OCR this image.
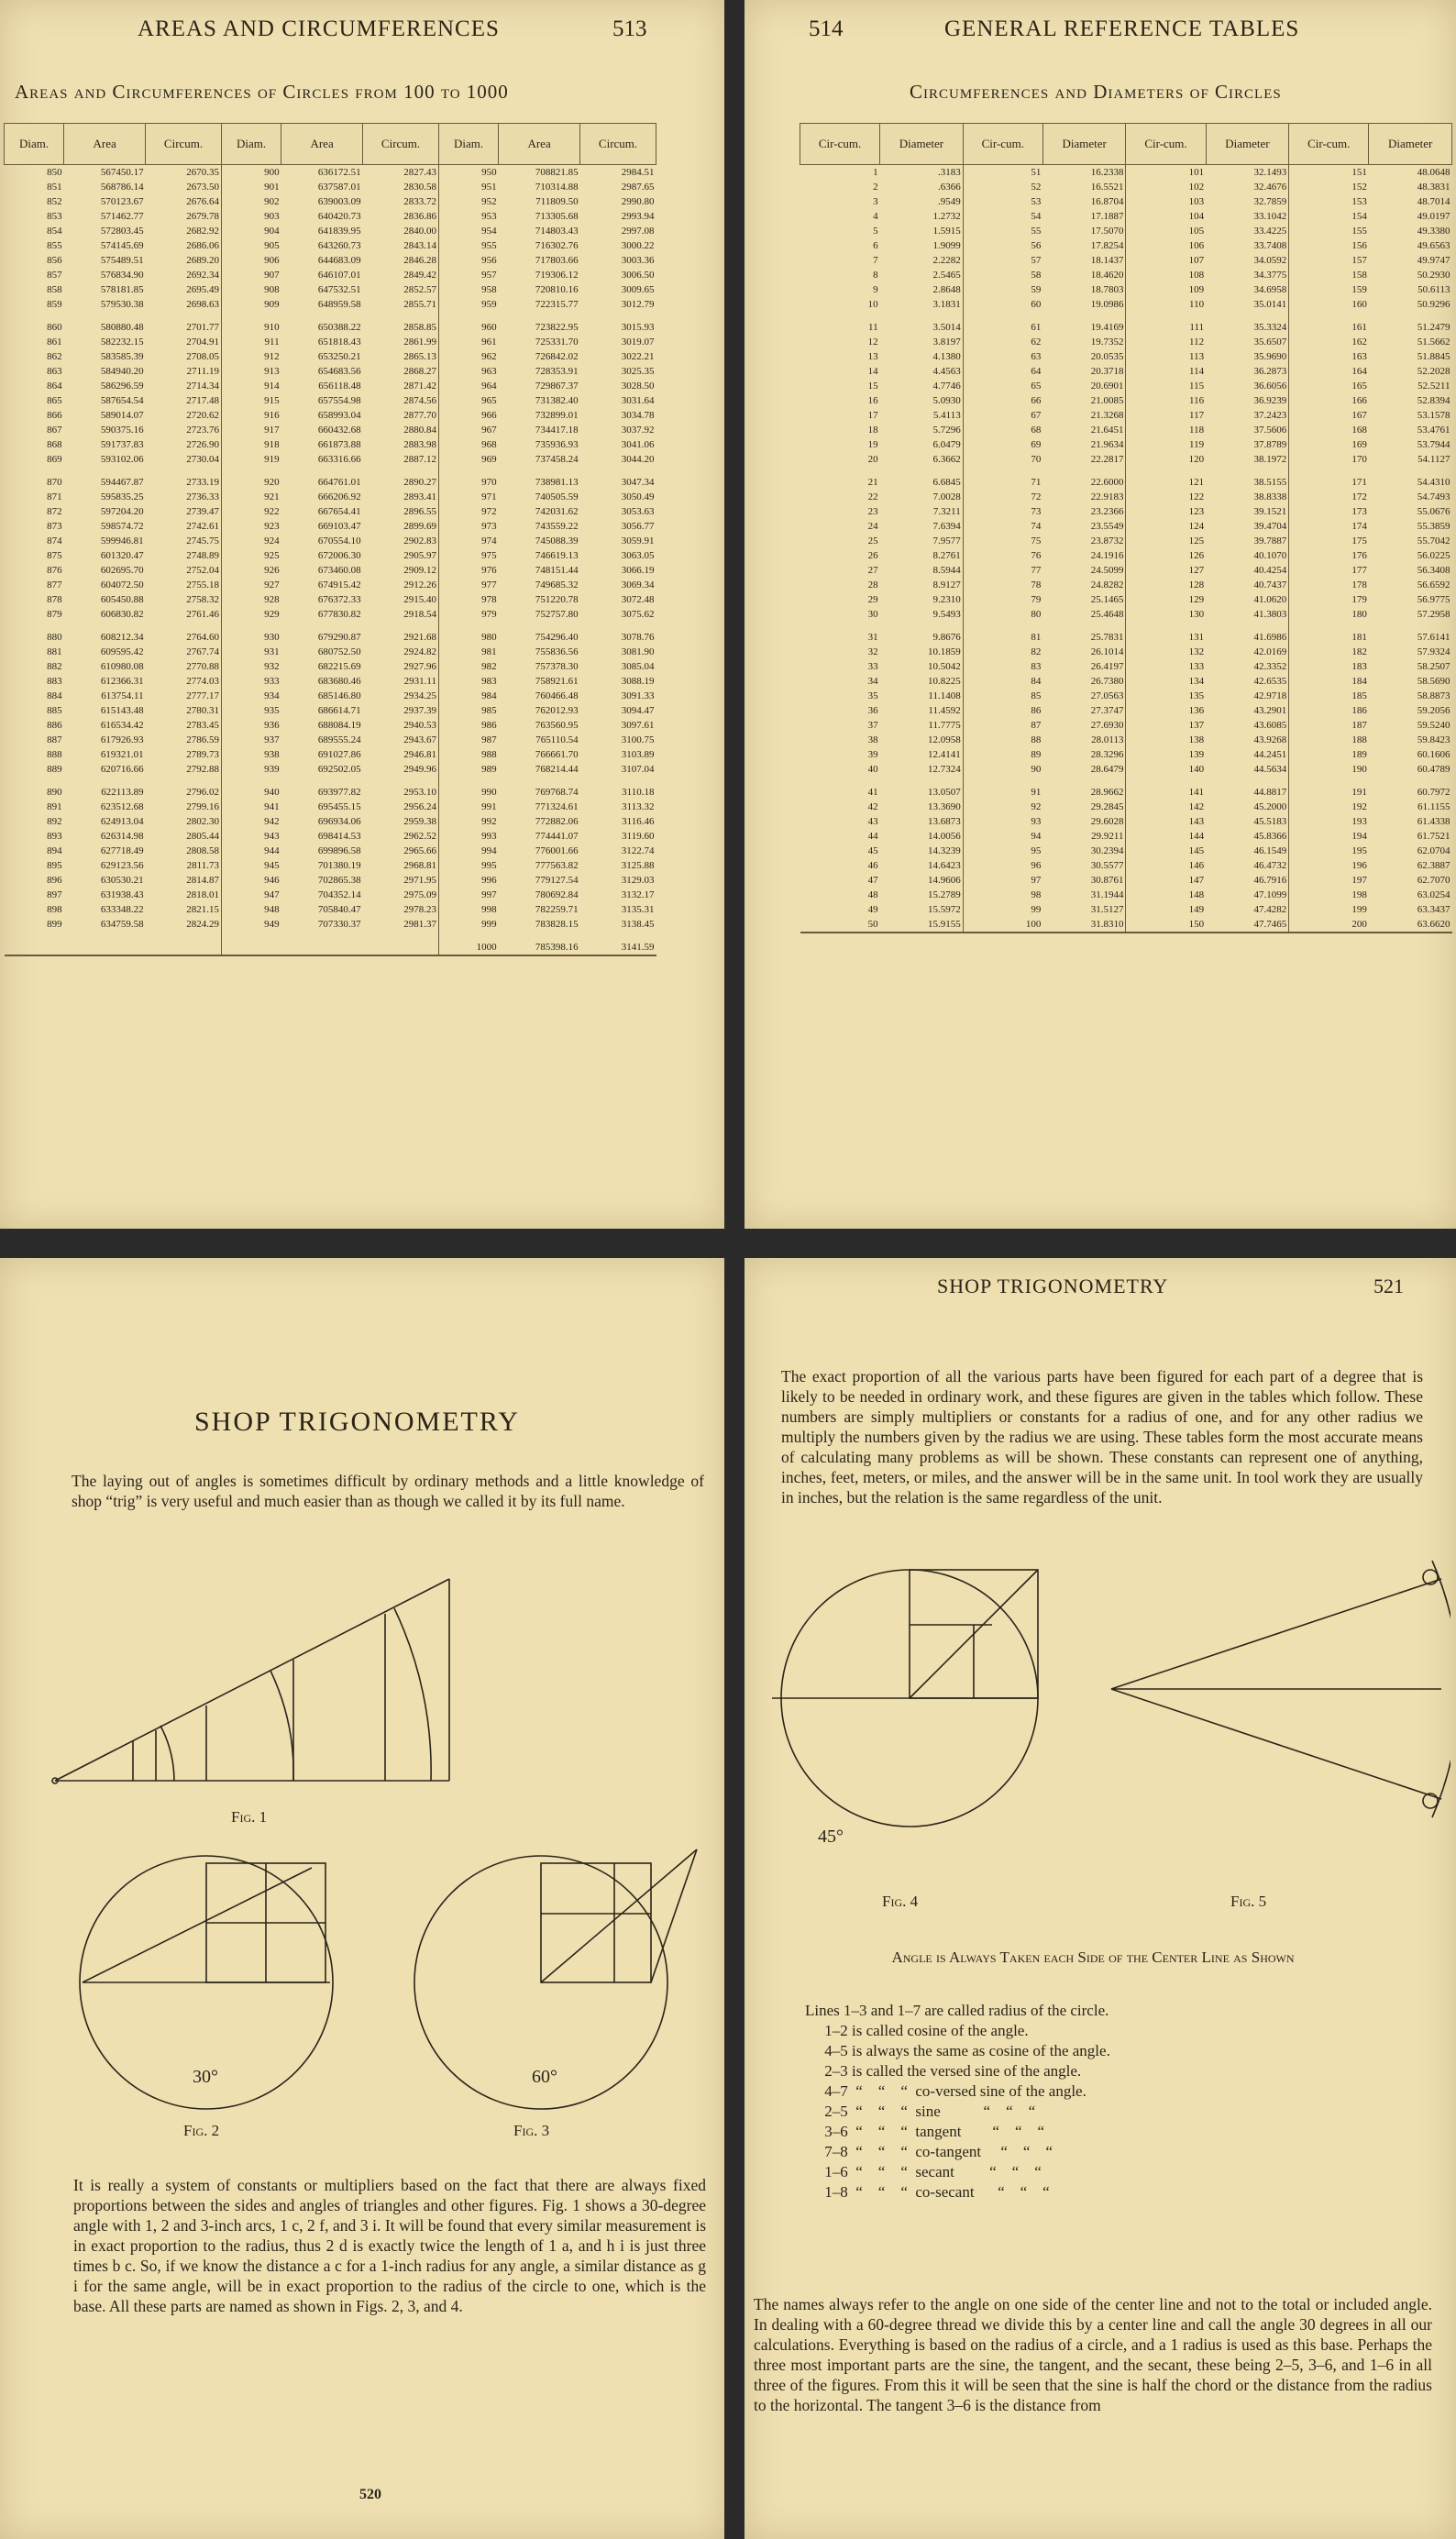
AREAS AND CIRCUMFERENCES	513
Areas and Circumferences of Circles from 100 to 1000
Diam.	Area	Circum.	Diam.	Area	Circum.	Diam.	Area	Circum.
850	567450.17	2670.35	900	636172.51	2827.43	950	708821.85	2984.51
851	568786.14	2673.50	901	637587.01	2830.58	951	710314.88	2987.65
852	570123.67	2676.64	902	639003.09	2833.72	952	711809.50	2990.80
853	571462.77	2679.78	903	640420.73	2836.86	953	713305.68	2993.94
854	572803.45	2682.92	904	641839.95	2840.00	954	714803.43	2997.08
855	574145.69	2686.06	905	643260.73	2843.14	955	716302.76	3000.22
856	575489.51	2689.20	906	644683.09	2846.28	956	717803.66	3003.36
857	576834.90	2692.34	907	646107.01	2849.42	957	719306.12	3006.50
858	578181.85	2695.49	908	647532.51	2852.57	958	720810.16	3009.65
859	579530.38	2698.63	909	648959.58	2855.71	959	722315.77	3012.79
860	580880.48	2701.77	910	650388.22	2858.85	960	723822.95	3015.93
861	582232.15	2704.91	911	651818.43	2861.99	961	725331.70	3019.07
862	583585.39	2708.05	912	653250.21	2865.13	962	726842.02	3022.21
863	584940.20	2711.19	913	654683.56	2868.27	963	728353.91	3025.35
864	586296.59	2714.34	914	656118.48	2871.42	964	729867.37	3028.50
865	587654.54	2717.48	915	657554.98	2874.56	965	731382.40	3031.64
866	589014.07	2720.62	916	658993.04	2877.70	966	732899.01	3034.78
867	590375.16	2723.76	917	660432.68	2880.84	967	734417.18	3037.92
868	591737.83	2726.90	918	661873.88	2883.98	968	735936.93	3041.06
869	593102.06	2730.04	919	663316.66	2887.12	969	737458.24	3044.20
870	594467.87	2733.19	920	664761.01	2890.27	970	738981.13	3047.34
871	595835.25	2736.33	921	666206.92	2893.41	971	740505.59	3050.49
872	597204.20	2739.47	922	667654.41	2896.55	972	742031.62	3053.63
873	598574.72	2742.61	923	669103.47	2899.69	973	743559.22	3056.77
874	599946.81	2745.75	924	670554.10	2902.83	974	745088.39	3059.91
875	601320.47	2748.89	925	672006.30	2905.97	975	746619.13	3063.05
876	602695.70	2752.04	926	673460.08	2909.12	976	748151.44	3066.19
877	604072.50	2755.18	927	674915.42	2912.26	977	749685.32	3069.34
878	605450.88	2758.32	928	676372.33	2915.40	978	751220.78	3072.48
879	606830.82	2761.46	929	677830.82	2918.54	979	752757.80	3075.62
880	608212.34	2764.60	930	679290.87	2921.68	980	754296.40	3078.76
881	609595.42	2767.74	931	680752.50	2924.82	981	755836.56	3081.90
882	610980.08	2770.88	932	682215.69	2927.96	982	757378.30	3085.04
883	612366.31	2774.03	933	683680.46	2931.11	983	758921.61	3088.19
884	613754.11	2777.17	934	685146.80	2934.25	984	760466.48	3091.33
885	615143.48	2780.31	935	686614.71	2937.39	985	762012.93	3094.47
886	616534.42	2783.45	936	688084.19	2940.53	986	763560.95	3097.61
887	617926.93	2786.59	937	689555.24	2943.67	987	765110.54	3100.75
888	619321.01	2789.73	938	691027.86	2946.81	988	766661.70	3103.89
889	620716.66	2792.88	939	692502.05	2949.96	989	768214.44	3107.04
890	622113.89	2796.02	940	693977.82	2953.10	990	769768.74	3110.18
891	623512.68	2799.16	941	695455.15	2956.24	991	771324.61	3113.32
892	624913.04	2802.30	942	696934.06	2959.38	992	772882.06	3116.46
893	626314.98	2805.44	943	698414.53	2962.52	993	774441.07	3119.60
894	627718.49	2808.58	944	699896.58	2965.66	994	776001.66	3122.74
895	629123.56	2811.73	945	701380.19	2968.81	995	777563.82	3125.88
896	630530.21	2814.87	946	702865.38	2971.95	996	779127.54	3129.03
897	631938.43	2818.01	947	704352.14	2975.09	997	780692.84	3132.17
898	633348.22	2821.15	948	705840.47	2978.23	998	782259.71	3135.31
899	634759.58	2824.29	949	707330.37	2981.37	999	783828.15	3138.45
						1000	785398.16	3141.59
514	GENERAL REFERENCE TABLES
Circumferences and Diameters of Circles
Cir-cum.	Diameter	Cir-cum.	Diameter	Cir-cum.	Diameter	Cir-cum.	Diameter
1	.3183	51	16.2338	101	32.1493	151	48.0648
2	.6366	52	16.5521	102	32.4676	152	48.3831
3	.9549	53	16.8704	103	32.7859	153	48.7014
4	1.2732	54	17.1887	104	33.1042	154	49.0197
5	1.5915	55	17.5070	105	33.4225	155	49.3380
6	1.9099	56	17.8254	106	33.7408	156	49.6563
7	2.2282	57	18.1437	107	34.0592	157	49.9747
8	2.5465	58	18.4620	108	34.3775	158	50.2930
9	2.8648	59	18.7803	109	34.6958	159	50.6113
10	3.1831	60	19.0986	110	35.0141	160	50.9296
11	3.5014	61	19.4169	111	35.3324	161	51.2479
12	3.8197	62	19.7352	112	35.6507	162	51.5662
13	4.1380	63	20.0535	113	35.9690	163	51.8845
14	4.4563	64	20.3718	114	36.2873	164	52.2028
15	4.7746	65	20.6901	115	36.6056	165	52.5211
16	5.0930	66	21.0085	116	36.9239	166	52.8394
17	5.4113	67	21.3268	117	37.2423	167	53.1578
18	5.7296	68	21.6451	118	37.5606	168	53.4761
19	6.0479	69	21.9634	119	37.8789	169	53.7944
20	6.3662	70	22.2817	120	38.1972	170	54.1127
21	6.6845	71	22.6000	121	38.5155	171	54.4310
22	7.0028	72	22.9183	122	38.8338	172	54.7493
23	7.3211	73	23.2366	123	39.1521	173	55.0676
24	7.6394	74	23.5549	124	39.4704	174	55.3859
25	7.9577	75	23.8732	125	39.7887	175	55.7042
26	8.2761	76	24.1916	126	40.1070	176	56.0225
27	8.5944	77	24.5099	127	40.4254	177	56.3408
28	8.9127	78	24.8282	128	40.7437	178	56.6592
29	9.2310	79	25.1465	129	41.0620	179	56.9775
30	9.5493	80	25.4648	130	41.3803	180	57.2958
31	9.8676	81	25.7831	131	41.6986	181	57.6141
32	10.1859	82	26.1014	132	42.0169	182	57.9324
33	10.5042	83	26.4197	133	42.3352	183	58.2507
34	10.8225	84	26.7380	134	42.6535	184	58.5690
35	11.1408	85	27.0563	135	42.9718	185	58.8873
36	11.4592	86	27.3747	136	43.2901	186	59.2056
37	11.7775	87	27.6930	137	43.6085	187	59.5240
38	12.0958	88	28.0113	138	43.9268	188	59.8423
39	12.4141	89	28.3296	139	44.2451	189	60.1606
40	12.7324	90	28.6479	140	44.5634	190	60.4789
41	13.0507	91	28.9662	141	44.8817	191	60.7972
42	13.3690	92	29.2845	142	45.2000	192	61.1155
43	13.6873	93	29.6028	143	45.5183	193	61.4338
44	14.0056	94	29.9211	144	45.8366	194	61.7521
45	14.3239	95	30.2394	145	46.1549	195	62.0704
46	14.6423	96	30.5577	146	46.4732	196	62.3887
47	14.9606	97	30.8761	147	46.7916	197	62.7070
48	15.2789	98	31.1944	148	47.1099	198	63.0254
49	15.5972	99	31.5127	149	47.4282	199	63.3437
50	15.9155	100	31.8310	150	47.7465	200	63.6620
SHOP TRIGONOMETRY
The laying out of angles is sometimes difficult by ordinary methods and a little knowledge of shop “trig” is very useful and much easier than as though we called it by its full name.
Fig. 1
30°
Fig. 2
60°
Fig. 3
It is really a system of constants or multipliers based on the fact that there are always fixed proportions between the sides and angles of triangles and other figures. Fig. 1 shows a 30-degree angle with 1, 2 and 3-inch arcs, 1 c, 2 f, and 3 i. It will be found that every similar measurement is in exact proportion to the radius, thus 2 d is exactly twice the length of 1 a, and h i is just three times b c. So, if we know the distance a c for a 1-inch radius for any angle, a similar distance as g i for the same angle, will be in exact proportion to the radius of the circle to one, which is the base. All these parts are named as shown in Figs. 2, 3, and 4.
520
SHOP TRIGONOMETRY	521
The exact proportion of all the various parts have been figured for each part of a degree that is likely to be needed in ordinary work, and these figures are given in the tables which follow. These numbers are simply multipliers or constants for a radius of one, and for any other radius we multiply the numbers given by the radius we are using. These tables form the most accurate means of calculating many problems as will be shown. These constants can represent one of anything, inches, feet, meters, or miles, and the answer will be in the same unit. In tool work they are usually in inches, but the relation is the same regardless of the unit.
45°
Fig. 4	Fig. 5
Angle is Always Taken each Side of the Center Line as Shown
Lines 1–3 and 1–7 are called radius of the circle.
1–2 is called cosine of the angle.
4–5 is always the same as cosine of the angle.
2–3 is called the versed sine of the angle.
4–7  “    “    “  co-versed sine of the angle.
2–5  “    “    “  sine           “    “    “
3–6  “    “    “  tangent        “    “    “
7–8  “    “    “  co-tangent     “    “    “
1–6  “    “    “  secant         “    “    “
1–8  “    “    “  co-secant      “    “    “
The names always refer to the angle on one side of the center line and not to the total or included angle. In dealing with a 60-degree thread we divide this by a center line and call the angle 30 degrees in all our calculations. Everything is based on the radius of a circle, and a 1 radius is used as this base. Perhaps the three most important parts are the sine, the tangent, and the secant, these being 2–5, 3–6, and 1–6 in all three of the figures. From this it will be seen that the sine is half the chord or the distance from the radius to the horizontal. The tangent 3–6 is the distance from
